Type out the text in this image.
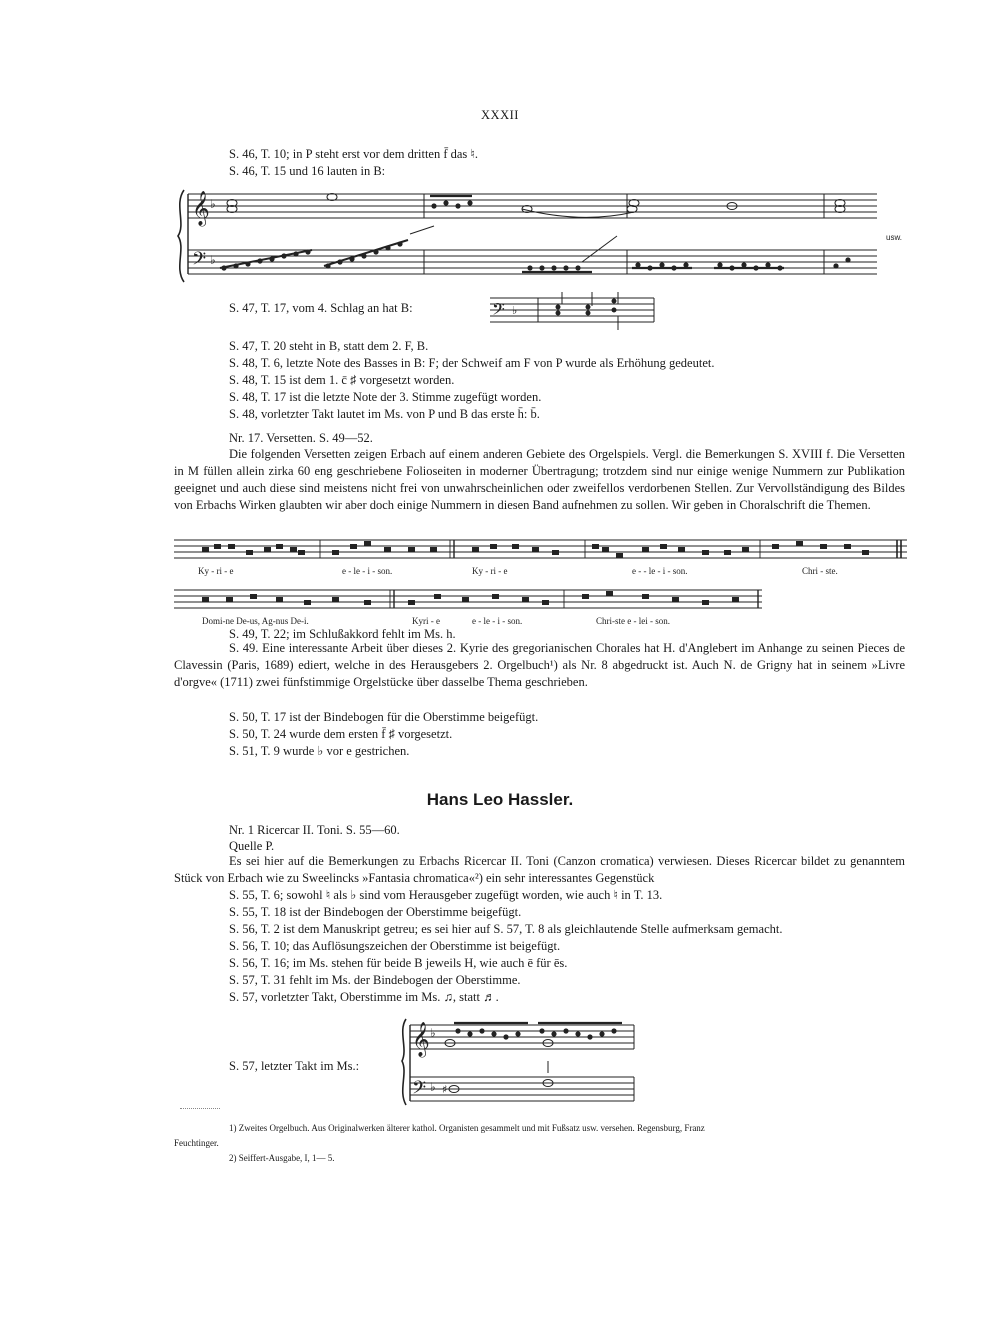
XXXII
S. 46, T. 10; in P steht erst vor dem dritten f̄ das ♮.
S. 46, T. 15 und 16 lauten in B:
𝄞
𝄢
♭
♭
usw.
S. 47, T. 17, vom 4. Schlag an hat B:	𝄢 ♭
S. 47, T. 20 steht in B, statt dem 2. F, B.
S. 48, T. 6, letzte Note des Basses in B: F; der Schweif am F von P wurde als Erhöhung gedeutet.
S. 48, T. 15 ist dem 1. c̄ ♯ vorgesetzt worden.
S. 48, T. 17 ist die letzte Note der 3. Stimme zugefügt worden.
S. 48, vorletzter Takt lautet im Ms. von P und B das erste h̄: b̄.
Nr. 17. Versetten. S. 49—52.

Die folgenden Versetten zeigen Erbach auf einem anderen Gebiete des Orgelspiels. Vergl. die Bemerkungen S. XVIII f. Die Versetten in M füllen allein zirka 60 eng geschriebene Folioseiten in moderner Übertragung; trotzdem sind nur einige wenige Nummern zur Publikation geeignet und auch diese sind meistens nicht frei von unwahrscheinlichen oder zweifellos verdorbenen Stellen. Zur Vervollständigung des Bildes von Erbachs Wirken glaubten wir aber doch einige Nummern in diesen Band aufnehmen zu sollen. Wir geben in Choralschrift die Themen.

Ky - ri - e	e - le - i - son.	Ky - ri - e	e - - le - i - son.	Chri - ste.
Domi-ne De-us, Ag-nus De-i.	Kyri - e	e - le - i - son.	Chri-ste e - lei - son.
S. 49, T. 22; im Schlußakkord fehlt im Ms. h.

S. 49. Eine interessante Arbeit über dieses 2. Kyrie des gregorianischen Chorales hat H. d'Anglebert im Anhange zu seinen Pieces de Clavessin (Paris, 1689) ediert, welche in des Herausgebers 2. Orgelbuch¹) als Nr. 8 abgedruckt ist. Auch N. de Grigny hat in seinem »Livre d'orgve« (1711) zwei fünfstimmige Orgelstücke über dasselbe Thema geschrieben.

S. 50, T. 17 ist der Bindebogen für die Oberstimme beigefügt.
S. 50, T. 24 wurde dem ersten f̄ ♯ vorgesetzt.
S. 51, T. 9 wurde ♭ vor e gestrichen.
Hans Leo Hassler.
Nr. 1 Ricercar II. Toni. S. 55—60.
Quelle P.

Es sei hier auf die Bemerkungen zu Erbachs Ricercar II. Toni (Canzon cromatica) verwiesen. Dieses Ricercar bildet zu genanntem Stück von Erbach wie zu Sweelincks »Fantasia chromatica«²) ein sehr interessantes Gegenstück

S. 55, T. 6; sowohl ♮ als ♭ sind vom Herausgeber zugefügt worden, wie auch ♮ in T. 13.
S. 55, T. 18 ist der Bindebogen der Oberstimme beigefügt.
S. 56, T. 2 ist dem Manuskript getreu; es sei hier auf S. 57, T. 8 als gleichlautende Stelle aufmerksam gemacht.
S. 56, T. 10; das Auflösungszeichen der Oberstimme ist beigefügt.
S. 56, T. 16; im Ms. stehen für beide B jeweils H, wie auch ē für ēs.
S. 57, T. 31 fehlt im Ms. der Bindebogen der Oberstimme.
S. 57, vorletzter Takt, Oberstimme im Ms. ♫, statt ♬.
S. 57, letzter Takt im Ms.:
𝄞
𝄢
♭
♭ ♯
1) Zweites Orgelbuch. Aus Originalwerken älterer kathol. Organisten gesammelt und mit Fußsatz usw. versehen. Regensburg, Franz
Feuchtinger.
2) Seiffert-Ausgabe, I, 1— 5.
